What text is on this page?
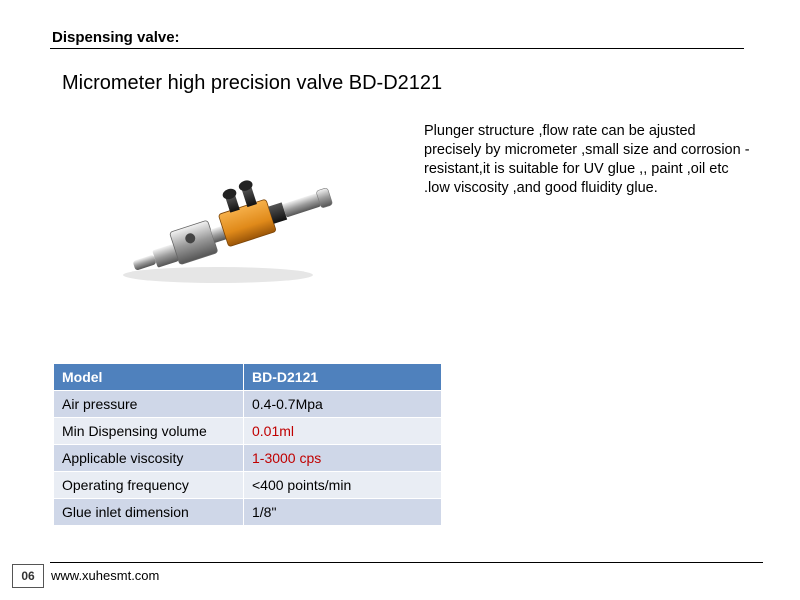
Dispensing valve:
Micrometer high precision valve BD-D2121
Plunger structure ,flow rate can be ajusted precisely by micrometer ,small size and corrosion -resistant,it is suitable for UV glue ,, paint ,oil etc .low viscosity ,and good fluidity glue.
Model	BD-D2121
Air pressure	0.4-0.7Mpa
Min Dispensing volume	0.01ml
Applicable viscosity	1-3000 cps
Operating frequency	<400 points/min
Glue inlet dimension	1/8"
06	www.xuhesmt.com
